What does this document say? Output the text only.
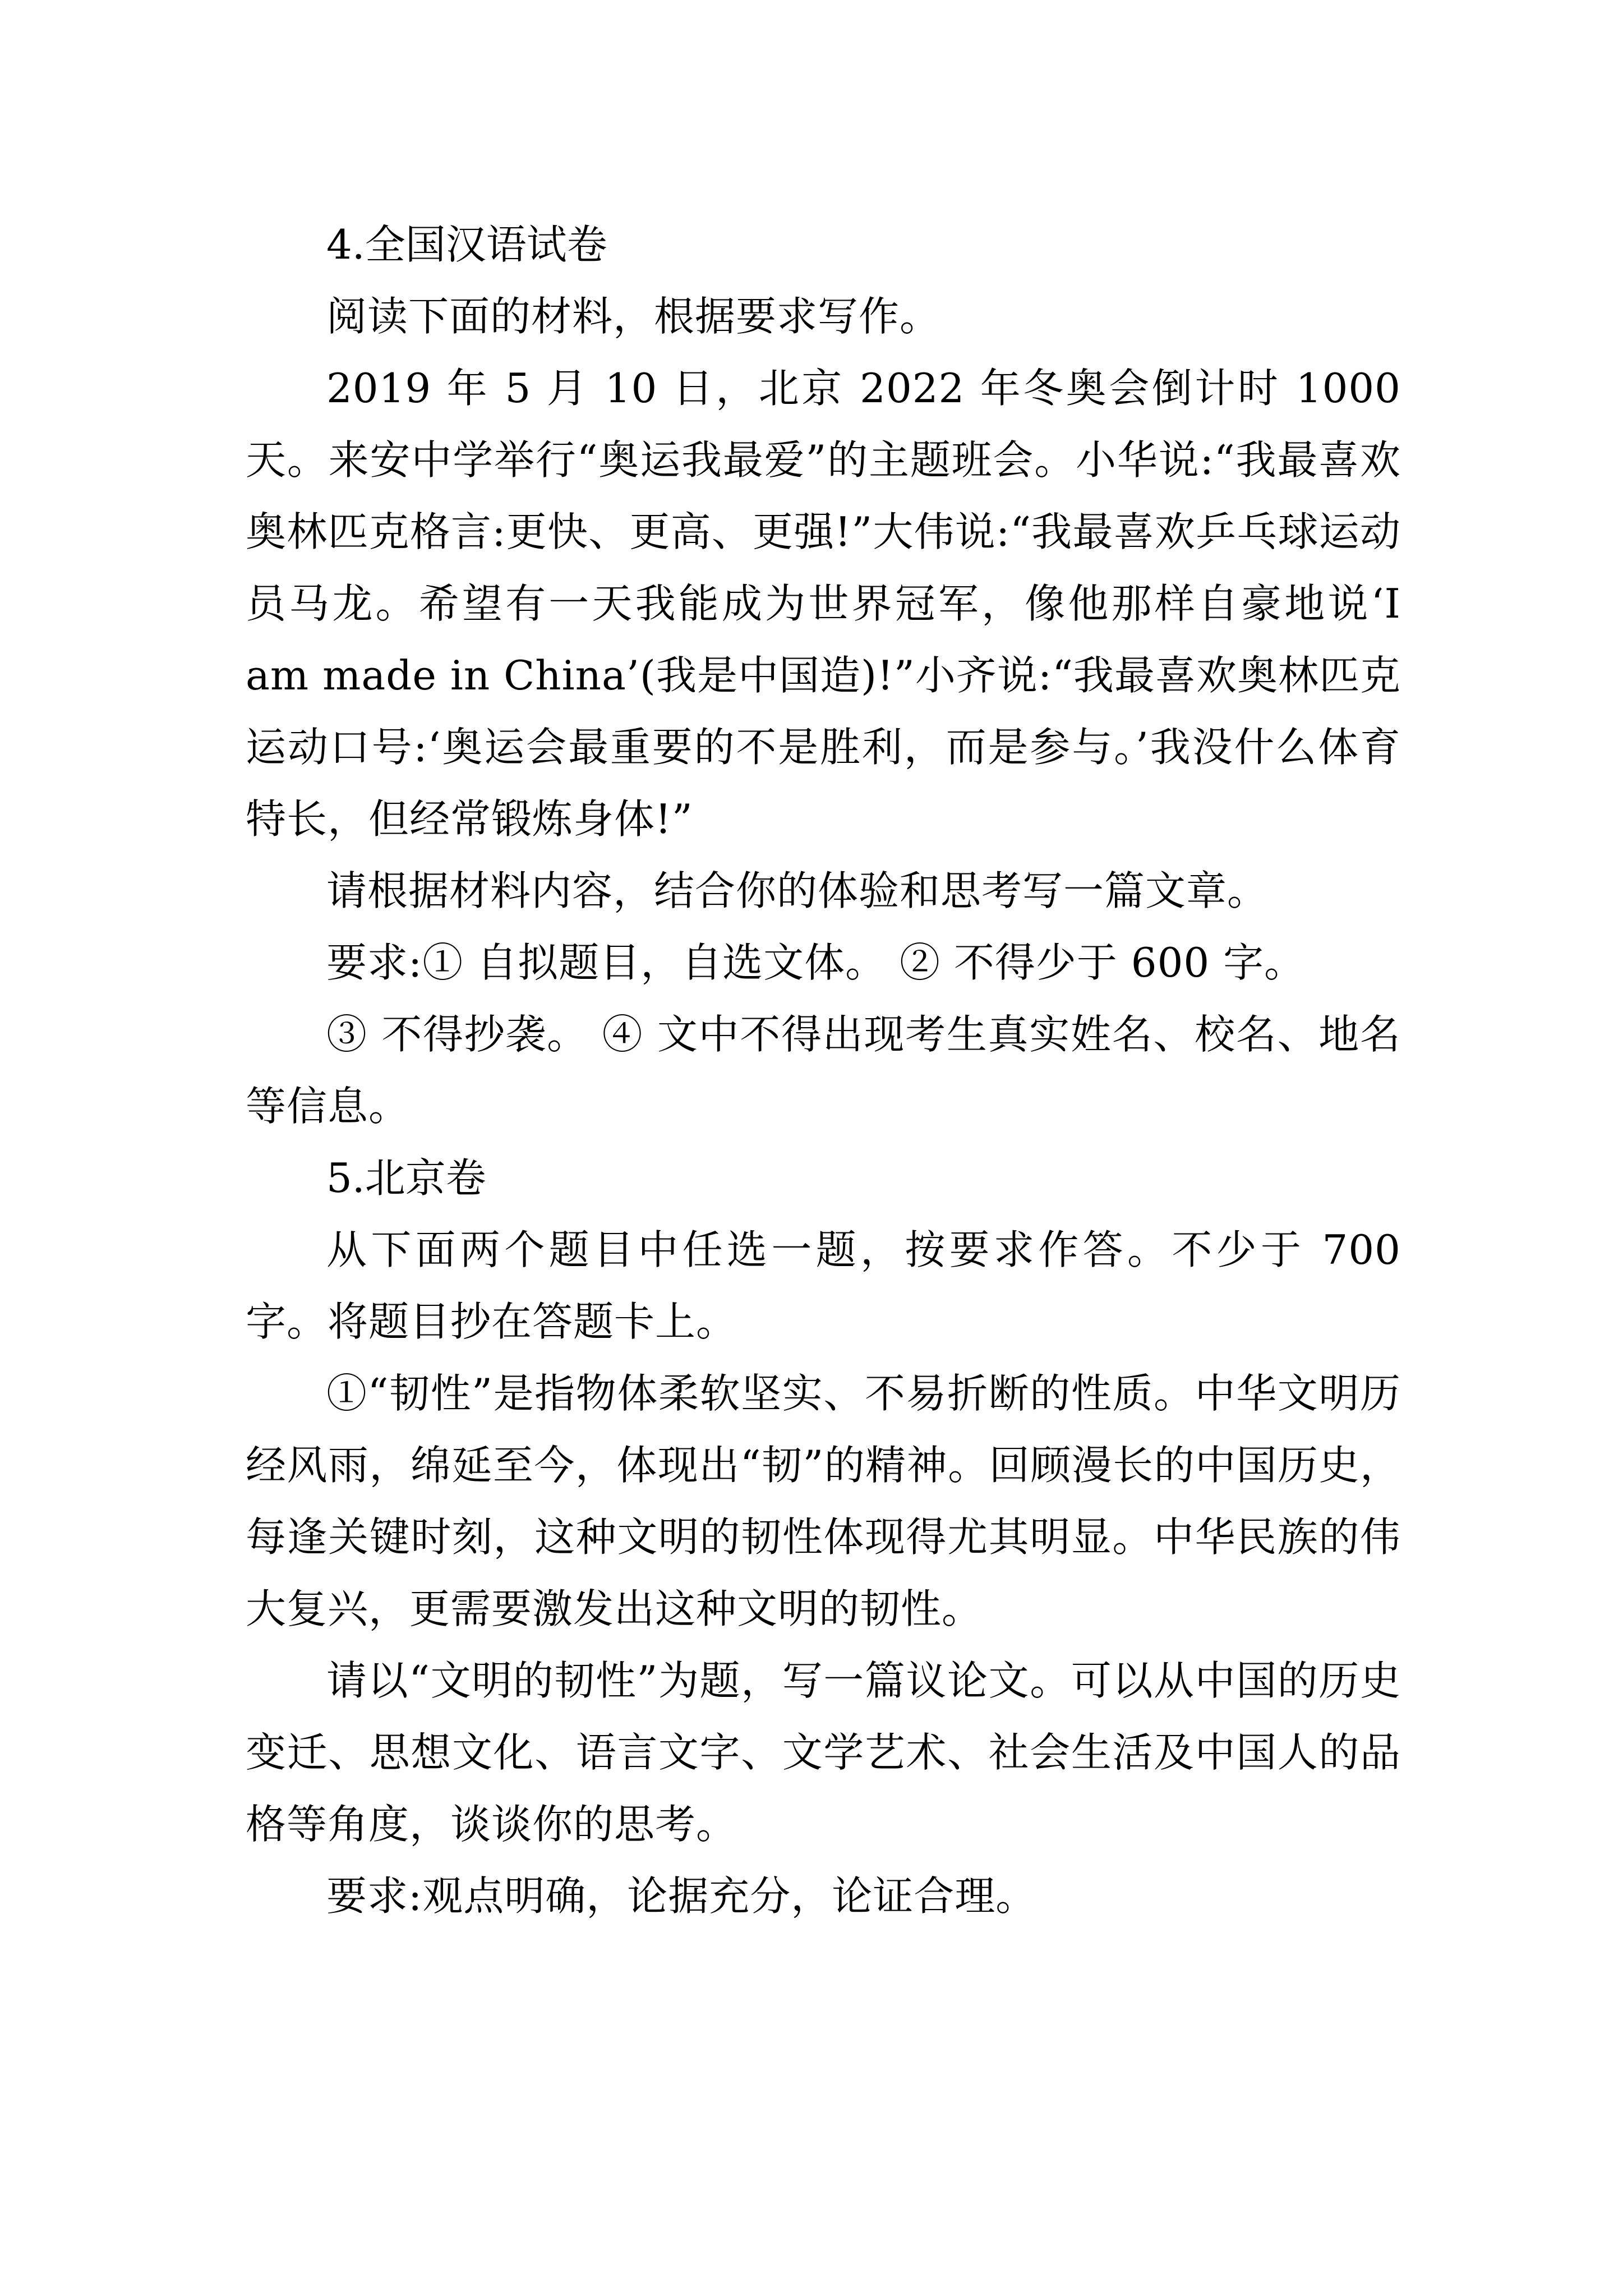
4.全国汉语试卷

阅读下面的材料，根据要求写作。

2019 年 5 月 10 日，北京 2022 年冬奥会倒计时 1000 天。来安中学举行“奥运我最爱”的主题班会。小华说:“我最喜欢奥林匹克格言:更快、更高、更强!”大伟说:“我最喜欢乒乓球运动员马龙。希望有一天我能成为世界冠军，像他那样自豪地说‘I am made in China’(我是中国造)!”小齐说:“我最喜欢奥林匹克运动口号:‘奥运会最重要的不是胜利，而是参与。’我没什么体育特长，但经常锻炼身体!”

请根据材料内容，结合你的体验和思考写一篇文章。

要求:① 自拟题目，自选文体。 ② 不得少于 600 字。

③ 不得抄袭。 ④ 文中不得出现考生真实姓名、校名、地名等信息。

5.北京卷

从下面两个题目中任选一题，按要求作答。不少于 700 字。将题目抄在答题卡上。

①“韧性”是指物体柔软坚实、不易折断的性质。中华文明历经风雨，绵延至今，体现出“韧”的精神。回顾漫长的中国历史，每逢关键时刻，这种文明的韧性体现得尤其明显。中华民族的伟大复兴，更需要激发出这种文明的韧性。

请以“文明的韧性”为题，写一篇议论文。可以从中国的历史变迁、思想文化、语言文字、文学艺术、社会生活及中国人的品格等角度，谈谈你的思考。

要求:观点明确，论据充分，论证合理。
